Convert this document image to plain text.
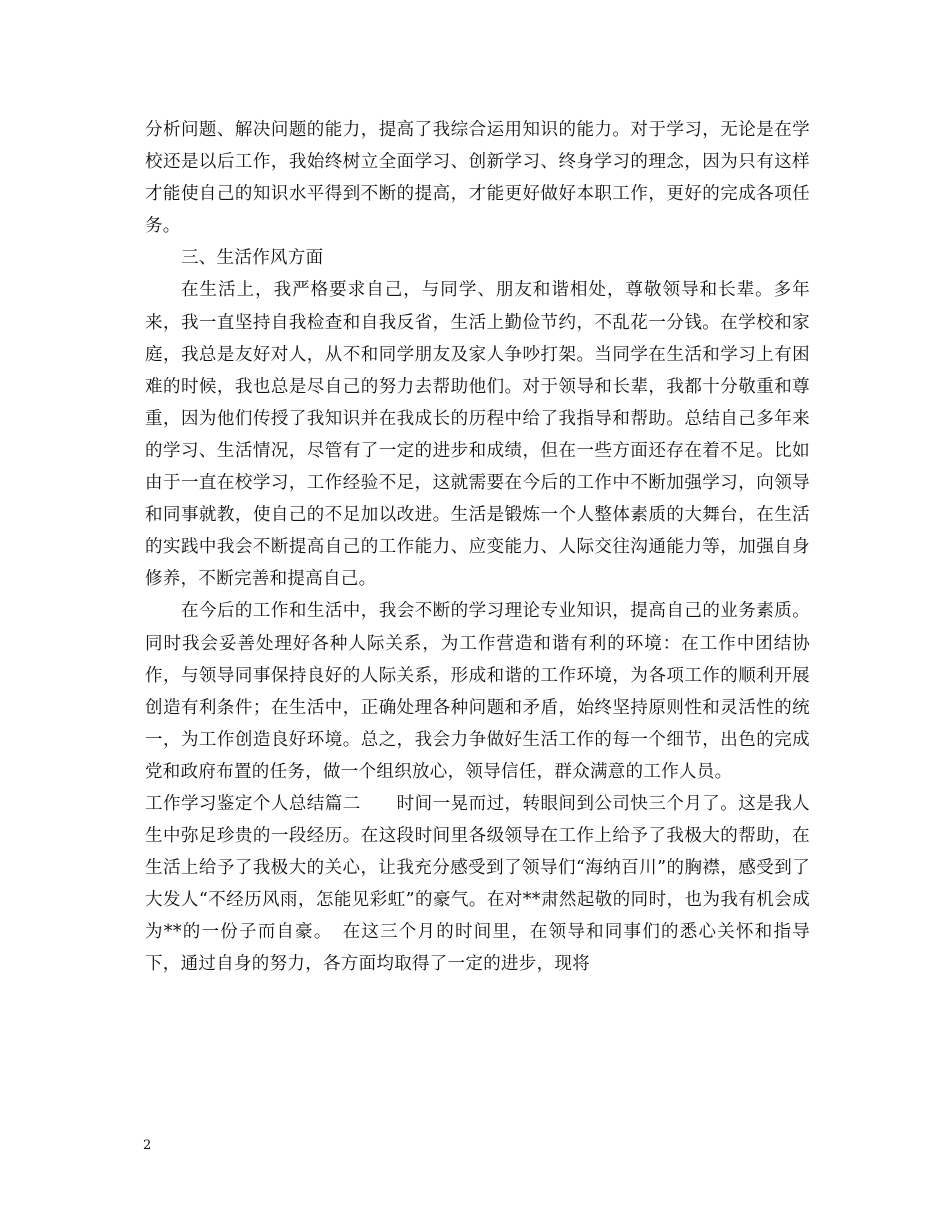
分析问题、解决问题的能力，提高了我综合运用知识的能力。对于学习，无论是在学校还是以后工作，我始终树立全面学习、创新学习、终身学习的理念，因为只有这样才能使自己的知识水平得到不断的提高，才能更好做好本职工作，更好的完成各项任务。

三、生活作风方面

在生活上，我严格要求自己，与同学、朋友和谐相处，尊敬领导和长辈。多年来，我一直坚持自我检查和自我反省，生活上勤俭节约，不乱花一分钱。在学校和家庭，我总是友好对人，从不和同学朋友及家人争吵打架。当同学在生活和学习上有困难的时候，我也总是尽自己的努力去帮助他们。对于领导和长辈，我都十分敬重和尊重，因为他们传授了我知识并在我成长的历程中给了我指导和帮助。总结自己多年来的学习、生活情况，尽管有了一定的进步和成绩，但在一些方面还存在着不足。比如由于一直在校学习，工作经验不足，这就需要在今后的工作中不断加强学习，向领导和同事就教，使自己的不足加以改进。生活是锻炼一个人整体素质的大舞台，在生活的实践中我会不断提高自己的工作能力、应变能力、人际交往沟通能力等，加强自身修养，不断完善和提高自己。

在今后的工作和生活中，我会不断的学习理论专业知识，提高自己的业务素质。同时我会妥善处理好各种人际关系，为工作营造和谐有利的环境：在工作中团结协作，与领导同事保持良好的人际关系，形成和谐的工作环境，为各项工作的顺利开展创造有利条件；在生活中，正确处理各种问题和矛盾，始终坚持原则性和灵活性的统一，为工作创造良好环境。总之，我会力争做好生活工作的每一个细节，出色的完成党和政府布置的任务，做一个组织放心，领导信任，群众满意的工作人员。

工作学习鉴定个人总结篇二　　时间一晃而过，转眼间到公司快三个月了。这是我人生中弥足珍贵的一段经历。在这段时间里各级领导在工作上给予了我极大的帮助，在生活上给予了我极大的关心，让我充分感受到了领导们“海纳百川”的胸襟，感受到了大发人“不经历风雨，怎能见彩虹”的豪气。在对**肃然起敬的同时，也为我有机会成为**的一份子而自豪。　在这三个月的时间里，在领导和同事们的悉心关怀和指导下，通过自身的努力，各方面均取得了一定的进步，现将

2
